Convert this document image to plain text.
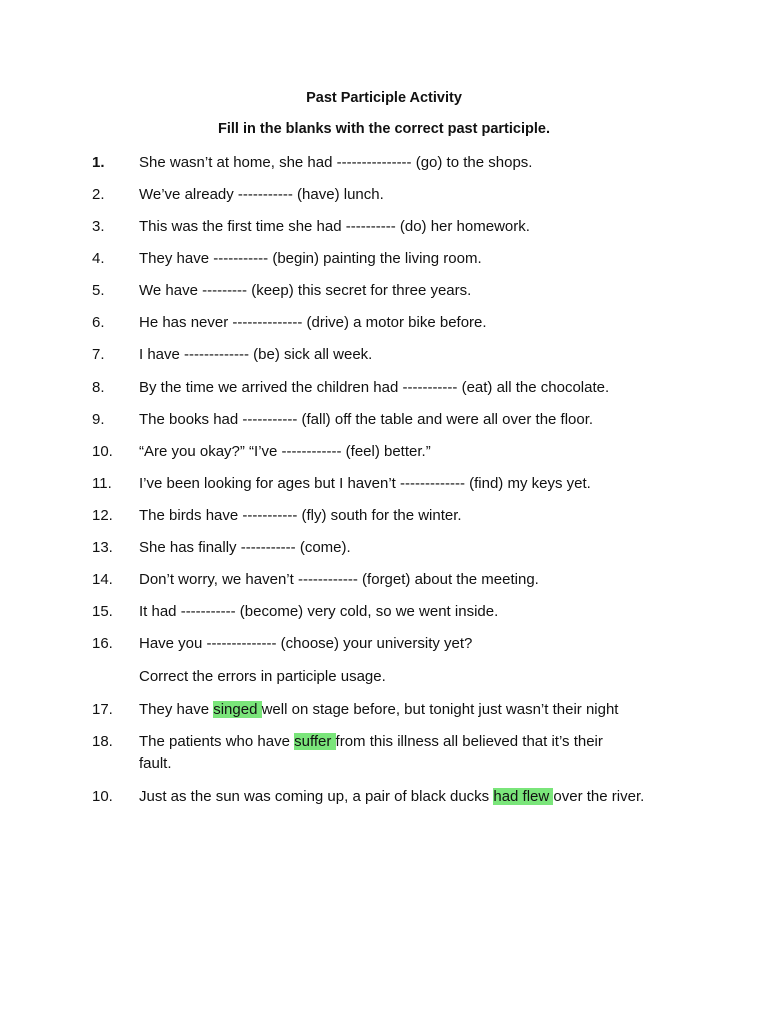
Past Participle Activity
Fill in the blanks with the correct past participle.
1.	She wasn’t at home, she had --------------- (go) to the shops.
2.	We’ve already ----------- (have) lunch.
3.	This was the first time she had ---------- (do) her homework.
4.	They have ----------- (begin) painting the living room.
5.	We have --------- (keep) this secret for three years.
6.	He has never -------------- (drive) a motor bike before.
7.	I have ------------- (be) sick all week.
8.	By the time we arrived the children had ----------- (eat) all the chocolate.
9.	The books had ----------- (fall) off the table and were all over the floor.
10.	“Are you okay?” “I’ve ------------ (feel) better.”
11.	I’ve been looking for ages but I haven’t ------------- (find) my keys yet.
12.	The birds have ----------- (fly) south for the winter.
13.	She has finally ----------- (come).
14.	Don’t worry, we haven’t ------------ (forget) about the meeting.
15.	It had ----------- (become) very cold, so we went inside.
16.	Have you -------------- (choose) your university yet?
Correct the errors in participle usage.
17.	They have singed well on stage before, but tonight just wasn’t their night
18.	The patients who have suffer from this illness all believed that it’s their fault.
10.	Just as the sun was coming up, a pair of black ducks had flew over the river.
